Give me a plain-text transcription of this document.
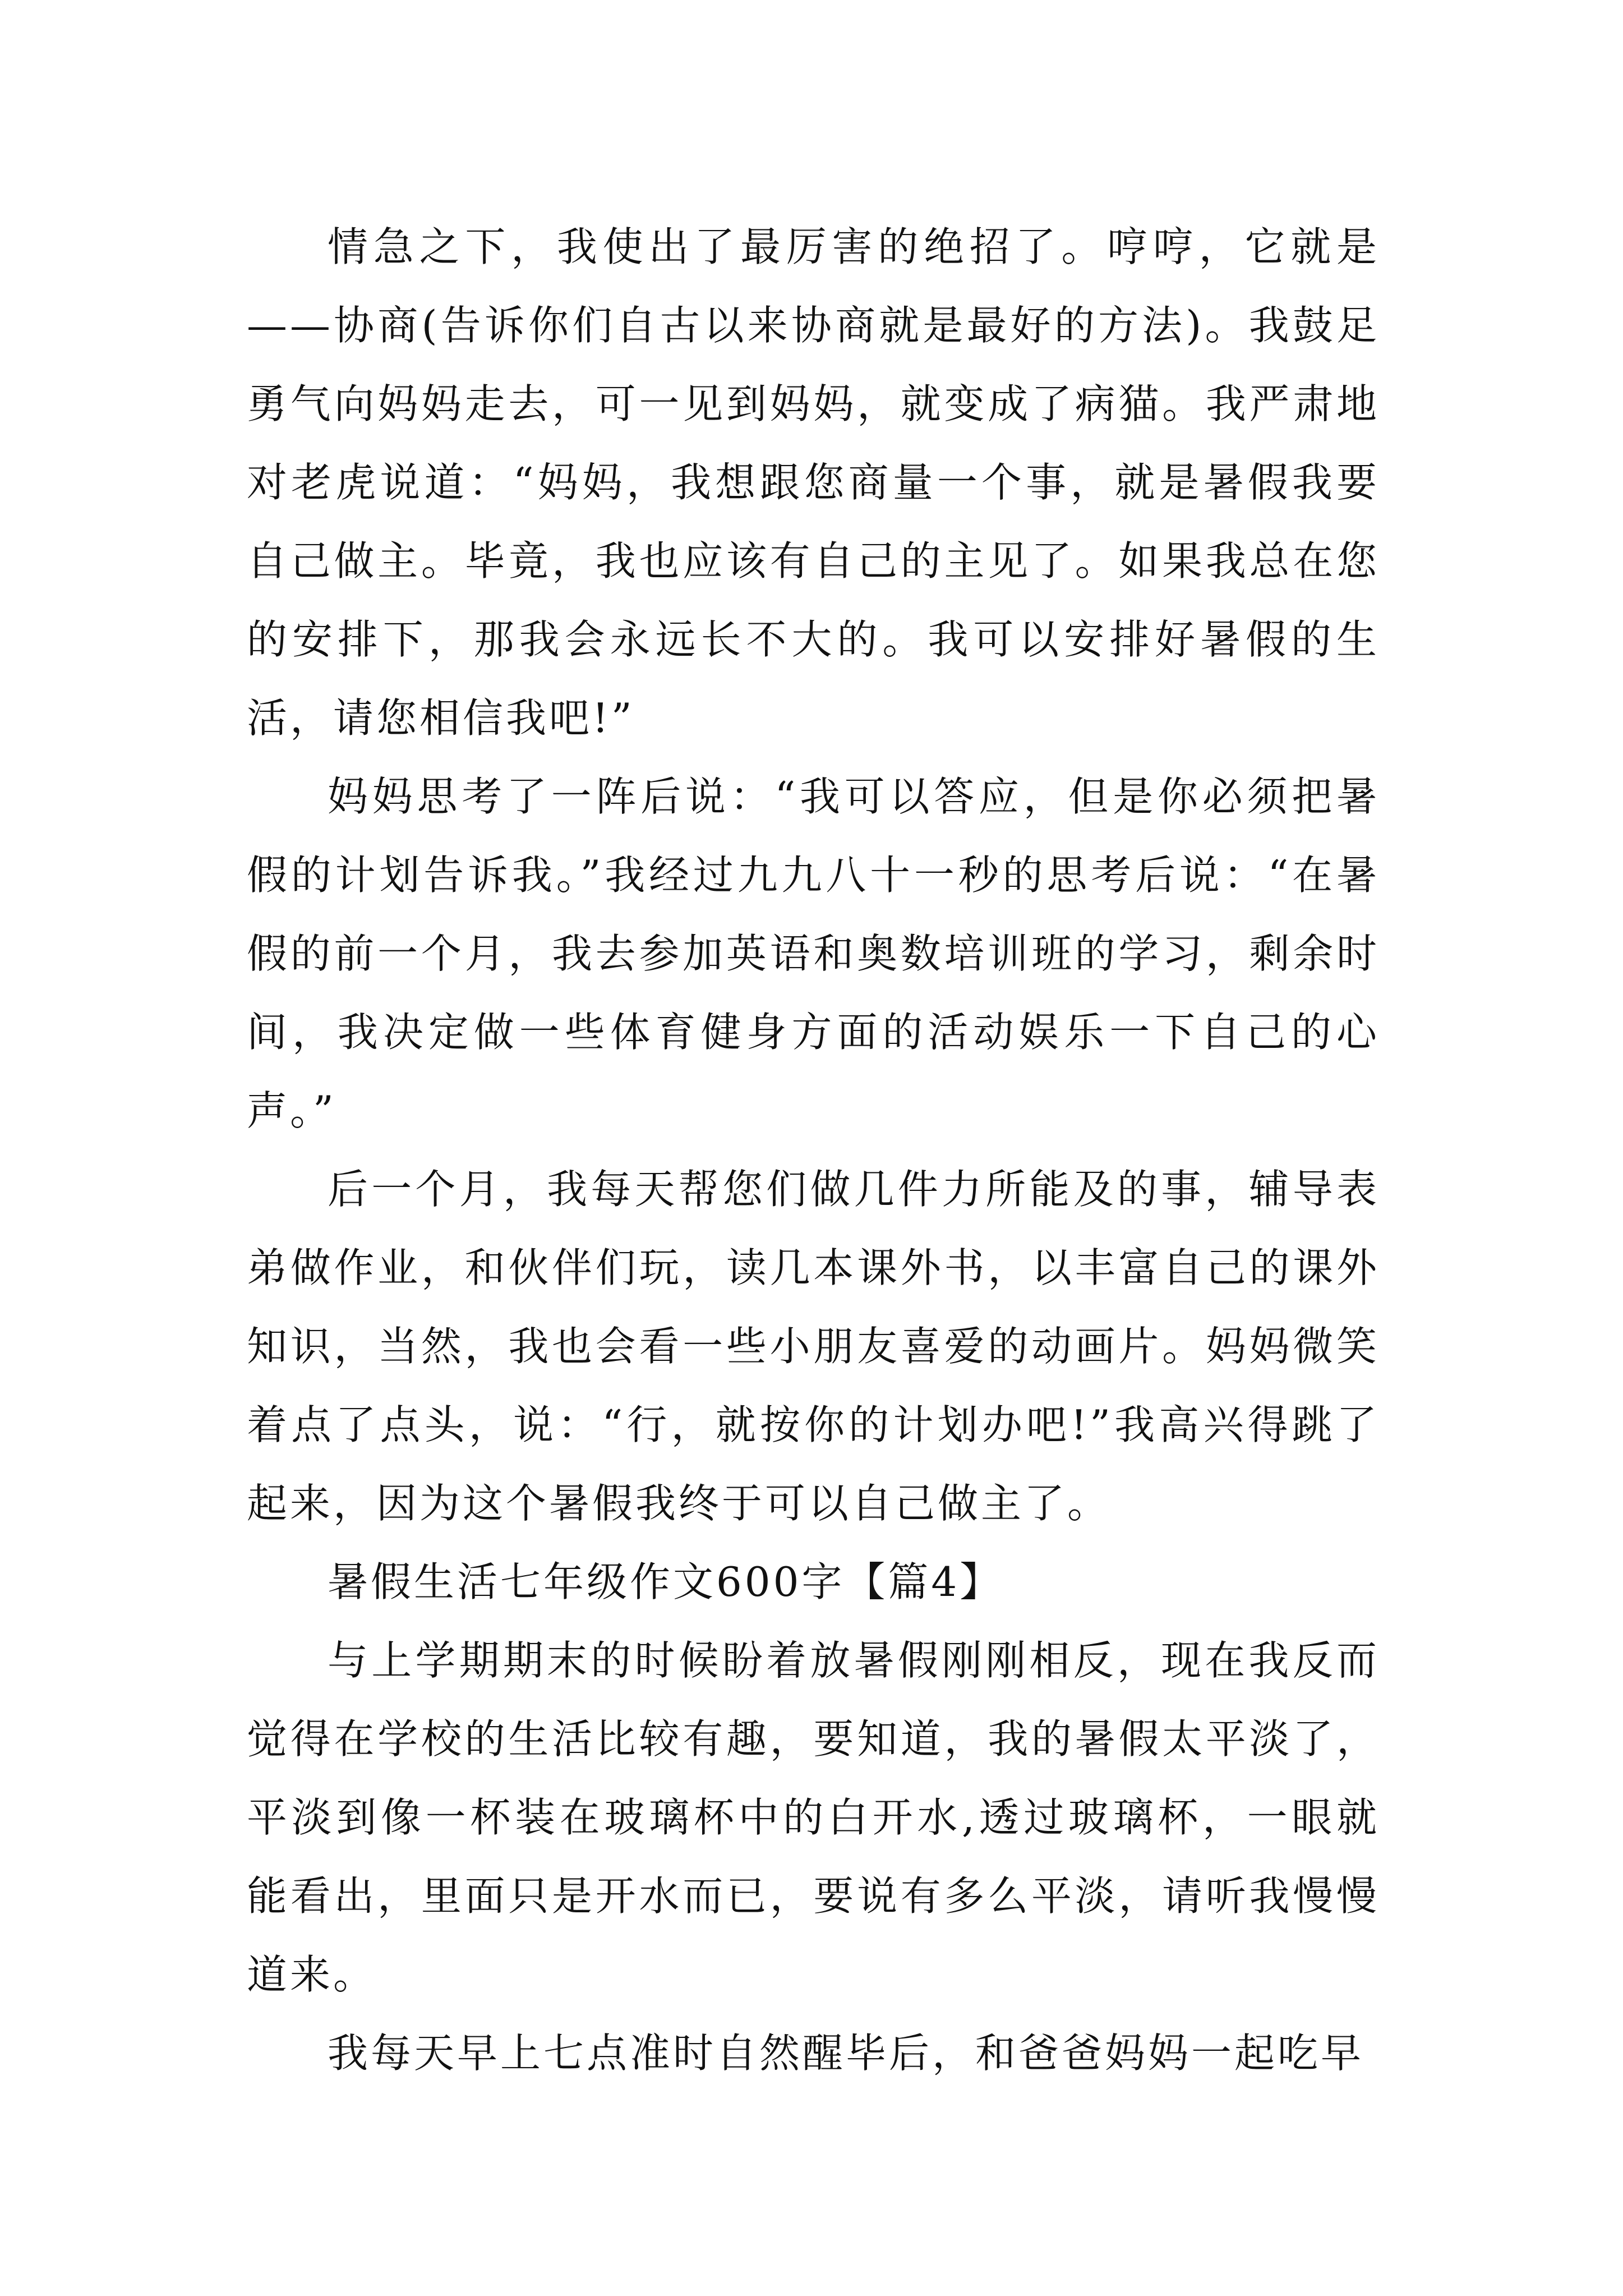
情急之下，我使出了最厉害的绝招了。哼哼，它就是——协商(告诉你们自古以来协商就是最好的方法)。我鼓足勇气向妈妈走去，可一见到妈妈，就变成了病猫。我严肃地对老虎说道：“妈妈，我想跟您商量一个事，就是暑假我要自己做主。毕竟，我也应该有自己的主见了。如果我总在您的安排下，那我会永远长不大的。我可以安排好暑假的生活，请您相信我吧!”

妈妈思考了一阵后说：“我可以答应，但是你必须把暑假的计划告诉我。”我经过九九八十一秒的思考后说：“在暑假的前一个月，我去参加英语和奥数培训班的学习，剩余时间，我决定做一些体育健身方面的活动娱乐一下自己的心声。”

后一个月，我每天帮您们做几件力所能及的事，辅导表弟做作业，和伙伴们玩，读几本课外书，以丰富自己的课外知识，当然，我也会看一些小朋友喜爱的动画片。妈妈微笑着点了点头，说：“行，就按你的计划办吧!”我高兴得跳了起来，因为这个暑假我终于可以自己做主了。

暑假生活七年级作文600字【篇4】

与上学期期末的时候盼着放暑假刚刚相反，现在我反而觉得在学校的生活比较有趣，要知道，我的暑假太平淡了，平淡到像一杯装在玻璃杯中的白开水,透过玻璃杯，一眼就能看出，里面只是开水而已，要说有多么平淡，请听我慢慢道来。

我每天早上七点准时自然醒毕后，和爸爸妈妈一起吃早
